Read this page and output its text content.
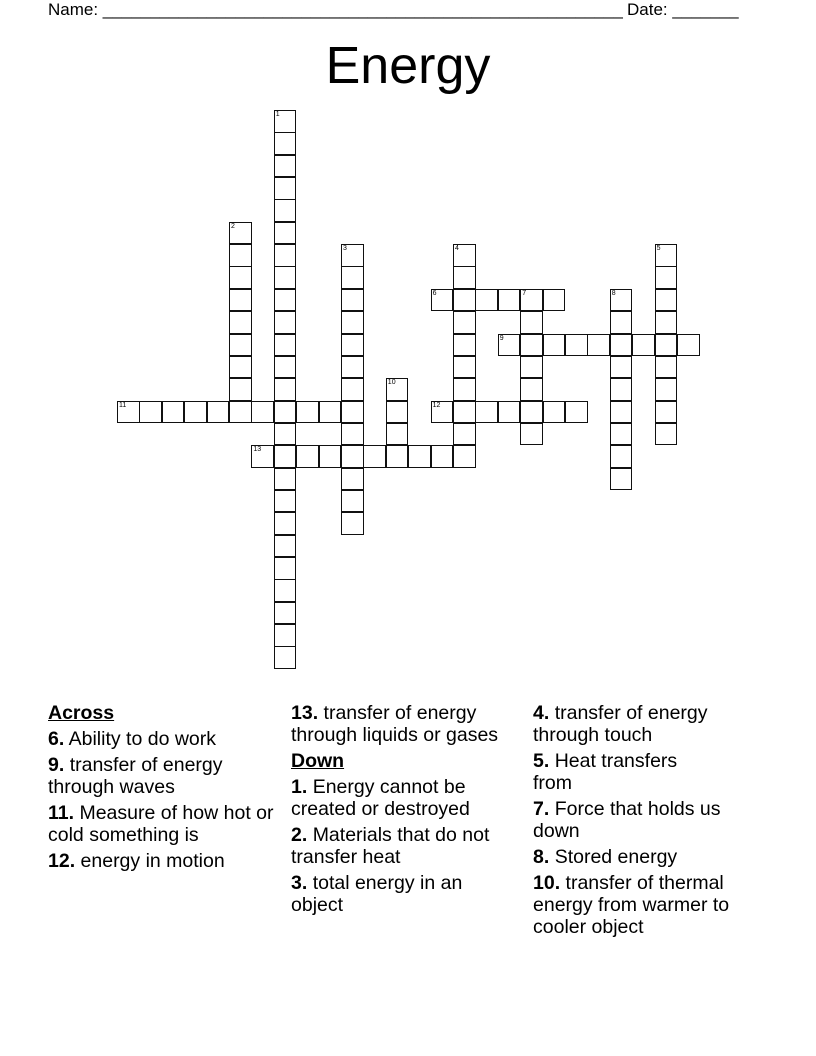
Name: _______________________________________________________ Date: _______
Energy
1
2
3	4	5
6	7	8
9
10
11	12
13
Across
6. Ability to do work
9. transfer of energy through waves
11. Measure of how hot or cold something is
12. energy in motion
13. transfer of energy through liquids or gases
Down
1. Energy cannot be created or destroyed
2. Materials that do not transfer heat
3. total energy in an object
4. transfer of energy through touch
5. Heat transfers from
7. Force that holds us down
8. Stored energy
10. transfer of thermal energy from warmer to cooler object
